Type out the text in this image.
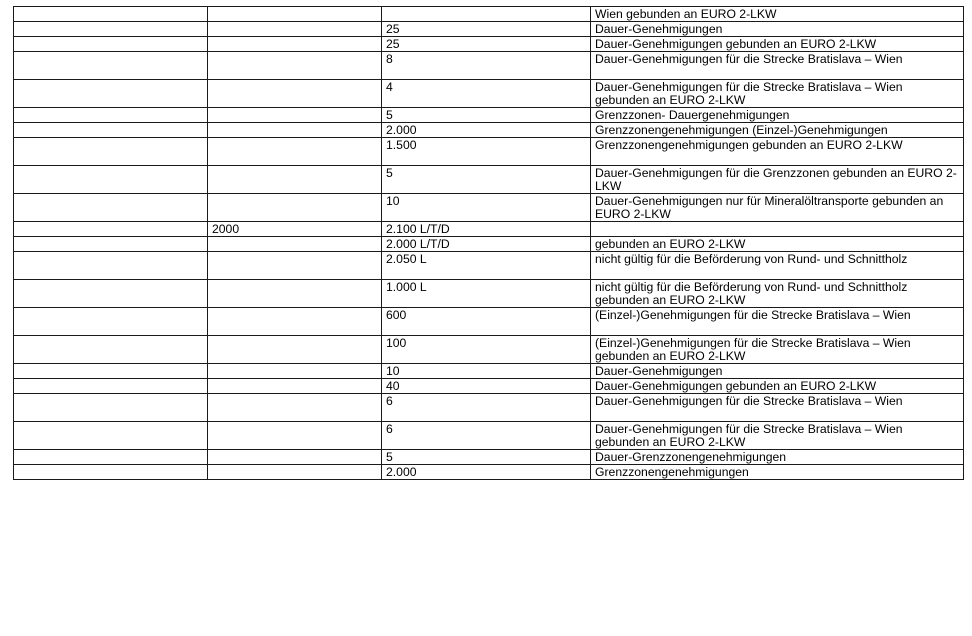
			Wien gebunden an EURO 2-LKW
		25	Dauer-Genehmigungen
		25	Dauer-Genehmigungen gebunden an EURO 2-LKW
		8	Dauer-Genehmigungen für die Strecke Bratislava – Wien
		4	Dauer-Genehmigungen für die Strecke Bratislava – Wien gebunden an EURO 2-LKW
		5	Grenzzonen- Dauergenehmigungen
		2.000	Grenzzonengenehmigungen (Einzel-)Genehmigungen
		1.500	Grenzzonengenehmigungen gebunden an EURO 2-LKW
		5	Dauer-Genehmigungen für die Grenzzonen gebunden an EURO 2- LKW
		10	Dauer-Genehmigungen nur für Mineralöltransporte gebunden an EURO 2-LKW
	2000	2.100 L/T/D	
		2.000 L/T/D	gebunden an EURO 2-LKW
		2.050 L	nicht gültig für die Beförderung von Rund- und Schnittholz
		1.000 L	nicht gültig für die Beförderung von Rund- und Schnittholz gebunden an EURO 2-LKW
		600	(Einzel-)Genehmigungen für die Strecke Bratislava – Wien
		100	(Einzel-)Genehmigungen für die Strecke Bratislava – Wien gebunden an EURO 2-LKW
		10	Dauer-Genehmigungen
		40	Dauer-Genehmigungen gebunden an EURO 2-LKW
		6	Dauer-Genehmigungen für die Strecke Bratislava – Wien
		6	Dauer-Genehmigungen für die Strecke Bratislava – Wien gebunden an EURO 2-LKW
		5	Dauer-Grenzzonengenehmigungen
		2.000	Grenzzonengenehmigungen
